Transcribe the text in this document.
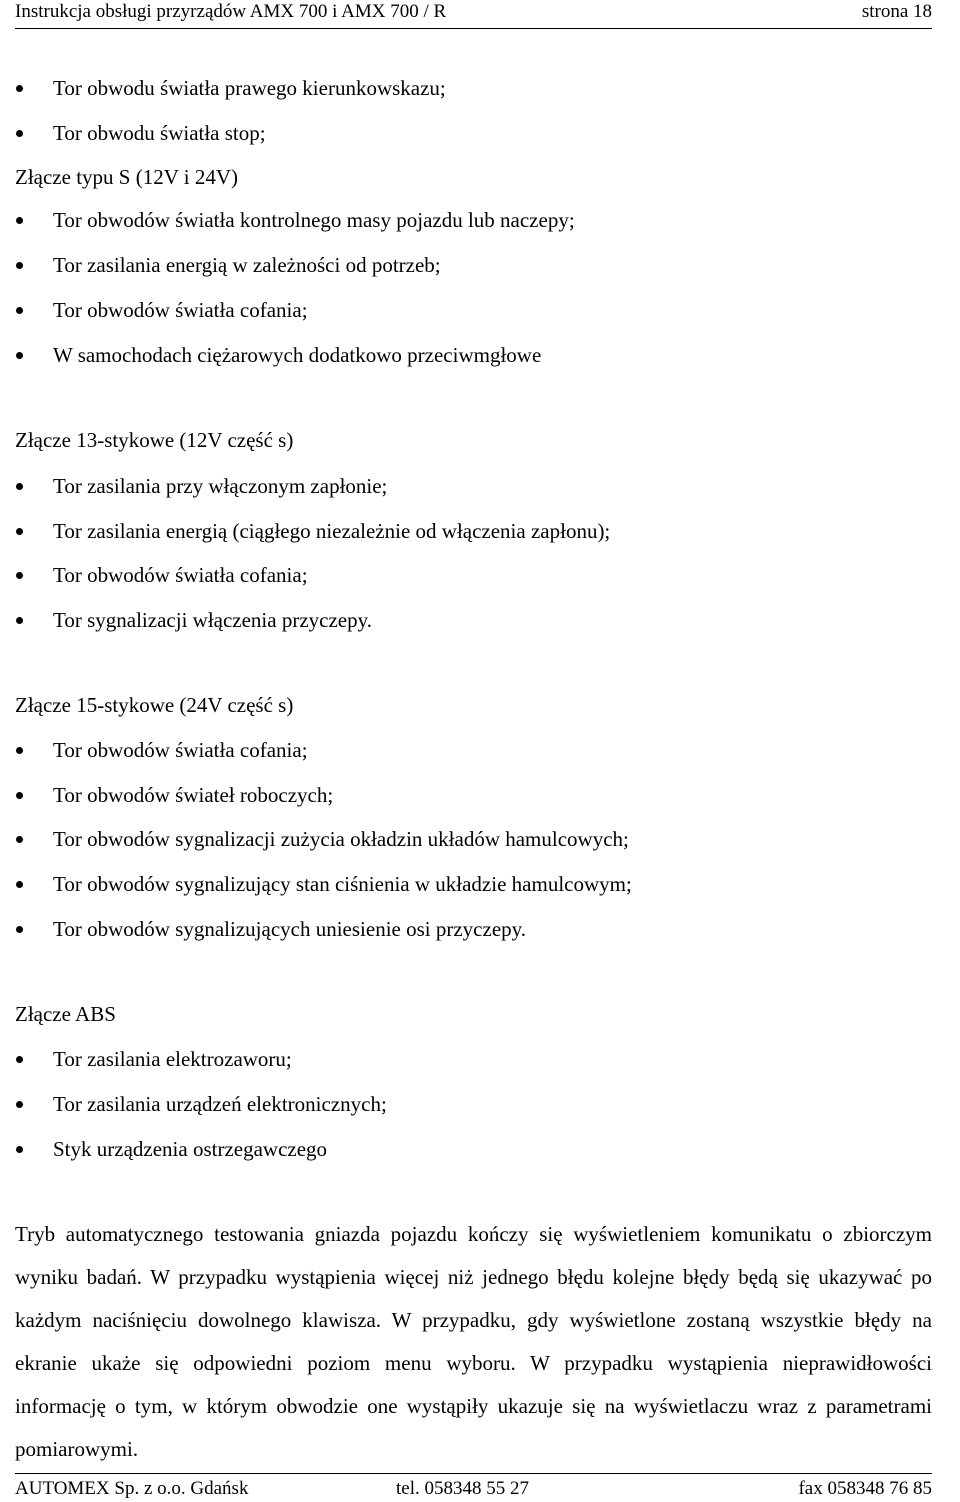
Instrukcja obsługi przyrządów AMX 700 i AMX 700 / R	strona 18
Tor obwodu światła prawego kierunkowskazu;
Tor obwodu światła stop;
Złącze typu S (12V i 24V)
Tor obwodów światła kontrolnego masy pojazdu lub naczepy;
Tor zasilania energią w zależności od potrzeb;
Tor obwodów światła cofania;
W samochodach ciężarowych dodatkowo przeciwmgłowe
Złącze 13-stykowe (12V część s)
Tor zasilania przy włączonym zapłonie;
Tor zasilania energią (ciągłego niezależnie od włączenia zapłonu);
Tor obwodów światła cofania;
Tor sygnalizacji włączenia przyczepy.
Złącze 15-stykowe (24V część s)
Tor obwodów światła cofania;
Tor obwodów świateł roboczych;
Tor obwodów sygnalizacji zużycia okładzin układów hamulcowych;
Tor obwodów sygnalizujący stan ciśnienia w układzie hamulcowym;
Tor obwodów sygnalizujących uniesienie osi przyczepy.
Złącze ABS
Tor zasilania elektrozaworu;
Tor zasilania urządzeń elektronicznych;
Styk urządzenia ostrzegawczego
Tryb automatycznego testowania gniazda pojazdu kończy się wyświetleniem komunikatu o zbiorczym wyniku badań. W przypadku wystąpienia więcej niż jednego błędu kolejne błędy będą się ukazywać po każdym naciśnięciu dowolnego klawisza. W przypadku, gdy wyświetlone zostaną wszystkie błędy na ekranie ukaże się odpowiedni poziom menu wyboru. W przypadku wystąpienia nieprawidłowości informację o tym, w którym obwodzie one wystąpiły ukazuje się na wyświetlaczu wraz z parametrami pomiarowymi.
AUTOMEX Sp. z o.o. Gdańsk	tel. 058348 55 27	fax 058348 76 85
